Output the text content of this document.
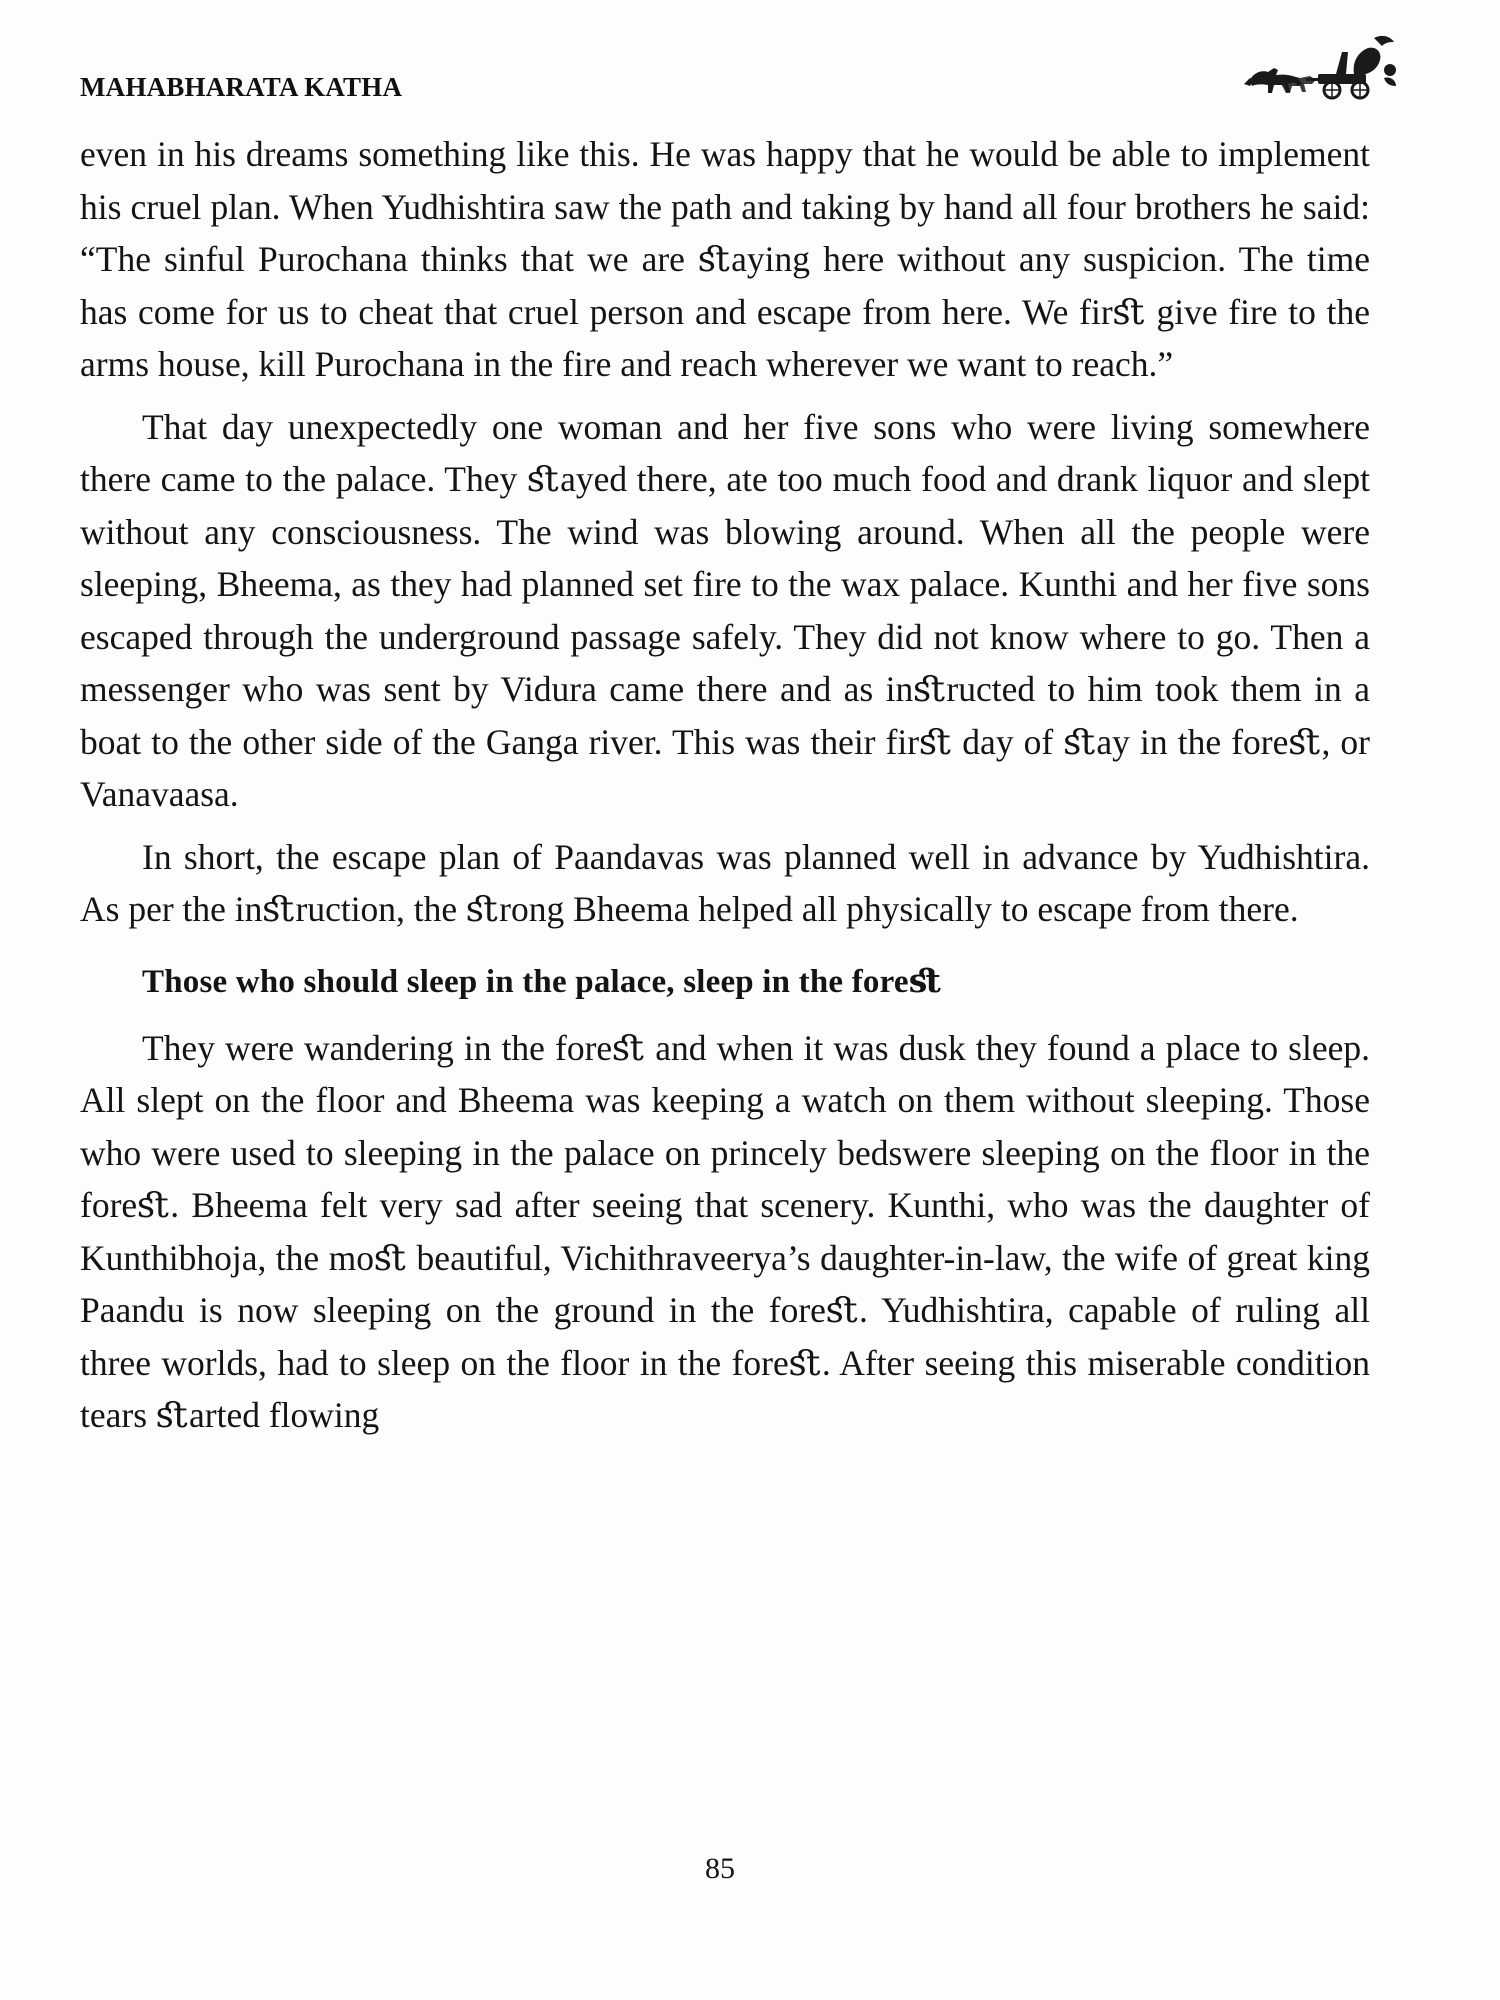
MAHABHARATA KATHA

even in his dreams something like this. He was happy that he would be able to implement his cruel plan. When Yudhishtira saw the path and taking by hand all four brothers he said: “The sinful Purochana thinks that we are ﬆaying here without any suspicion. The time has come for us to cheat that cruel person and escape from here. We firﬆ give fire to the arms house, kill Purochana in the fire and reach wherever we want to reach.”

That day unexpectedly one woman and her five sons who were living somewhere there came to the palace. They ﬆayed there, ate too much food and drank liquor and slept without any consciousness. The wind was blowing around. When all the people were sleeping, Bheema, as they had planned set fire to the wax palace. Kunthi and her five sons escaped through the underground passage safely. They did not know where to go. Then a messenger who was sent by Vidura came there and as inﬆructed to him took them in a boat to the other side of the Ganga river. This was their firﬆ day of ﬆay in the foreﬆ, or Vanavaasa.

In short, the escape plan of Paandavas was planned well in advance by Yudhishtira. As per the inﬆruction, the ﬆrong Bheema helped all physically to escape from there.

Those who should sleep in the palace, sleep in the foreﬆ

They were wandering in the foreﬆ and when it was dusk they found a place to sleep. All slept on the floor and Bheema was keeping a watch on them without sleeping. Those who were used to sleeping in the palace on princely bedswere sleeping on the floor in the foreﬆ. Bheema felt very sad after seeing that scenery. Kunthi, who was the daughter of Kunthibhoja, the moﬆ beautiful, Vichithraveerya’s daughter-in-law, the wife of great king Paandu is now sleeping on the ground in the foreﬆ. Yudhishtira, capable of ruling all three worlds, had to sleep on the floor in the foreﬆ. After seeing this miserable condition tears ﬆarted flowing

85
